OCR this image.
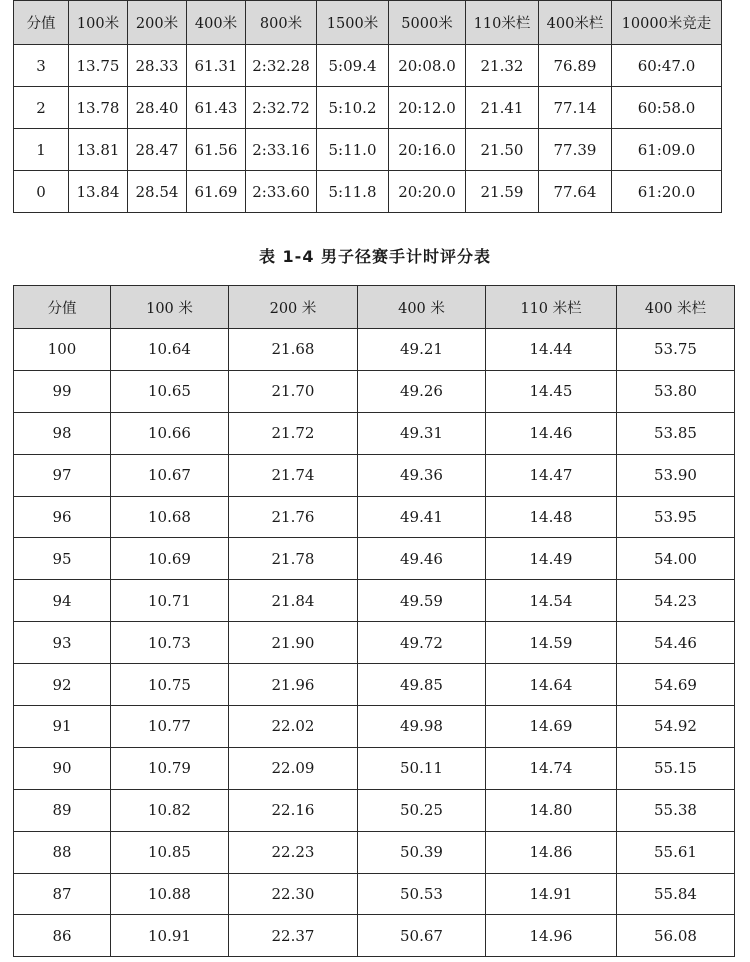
分值	100米	200米	400米	800米	1500米	5000米	110米栏	400米栏	10000米竞走
3	13.75	28.33	61.31	2:32.28	5:09.4	20:08.0	21.32	76.89	60:47.0
2	13.78	28.40	61.43	2:32.72	5:10.2	20:12.0	21.41	77.14	60:58.0
1	13.81	28.47	61.56	2:33.16	5:11.0	20:16.0	21.50	77.39	61:09.0
0	13.84	28.54	61.69	2:33.60	5:11.8	20:20.0	21.59	77.64	61:20.0
表 1-4 男子径赛手计时评分表
分值	100 米	200 米	400 米	110 米栏	400 米栏
100	10.64	21.68	49.21	14.44	53.75
99	10.65	21.70	49.26	14.45	53.80
98	10.66	21.72	49.31	14.46	53.85
97	10.67	21.74	49.36	14.47	53.90
96	10.68	21.76	49.41	14.48	53.95
95	10.69	21.78	49.46	14.49	54.00
94	10.71	21.84	49.59	14.54	54.23
93	10.73	21.90	49.72	14.59	54.46
92	10.75	21.96	49.85	14.64	54.69
91	10.77	22.02	49.98	14.69	54.92
90	10.79	22.09	50.11	14.74	55.15
89	10.82	22.16	50.25	14.80	55.38
88	10.85	22.23	50.39	14.86	55.61
87	10.88	22.30	50.53	14.91	55.84
86	10.91	22.37	50.67	14.96	56.08
